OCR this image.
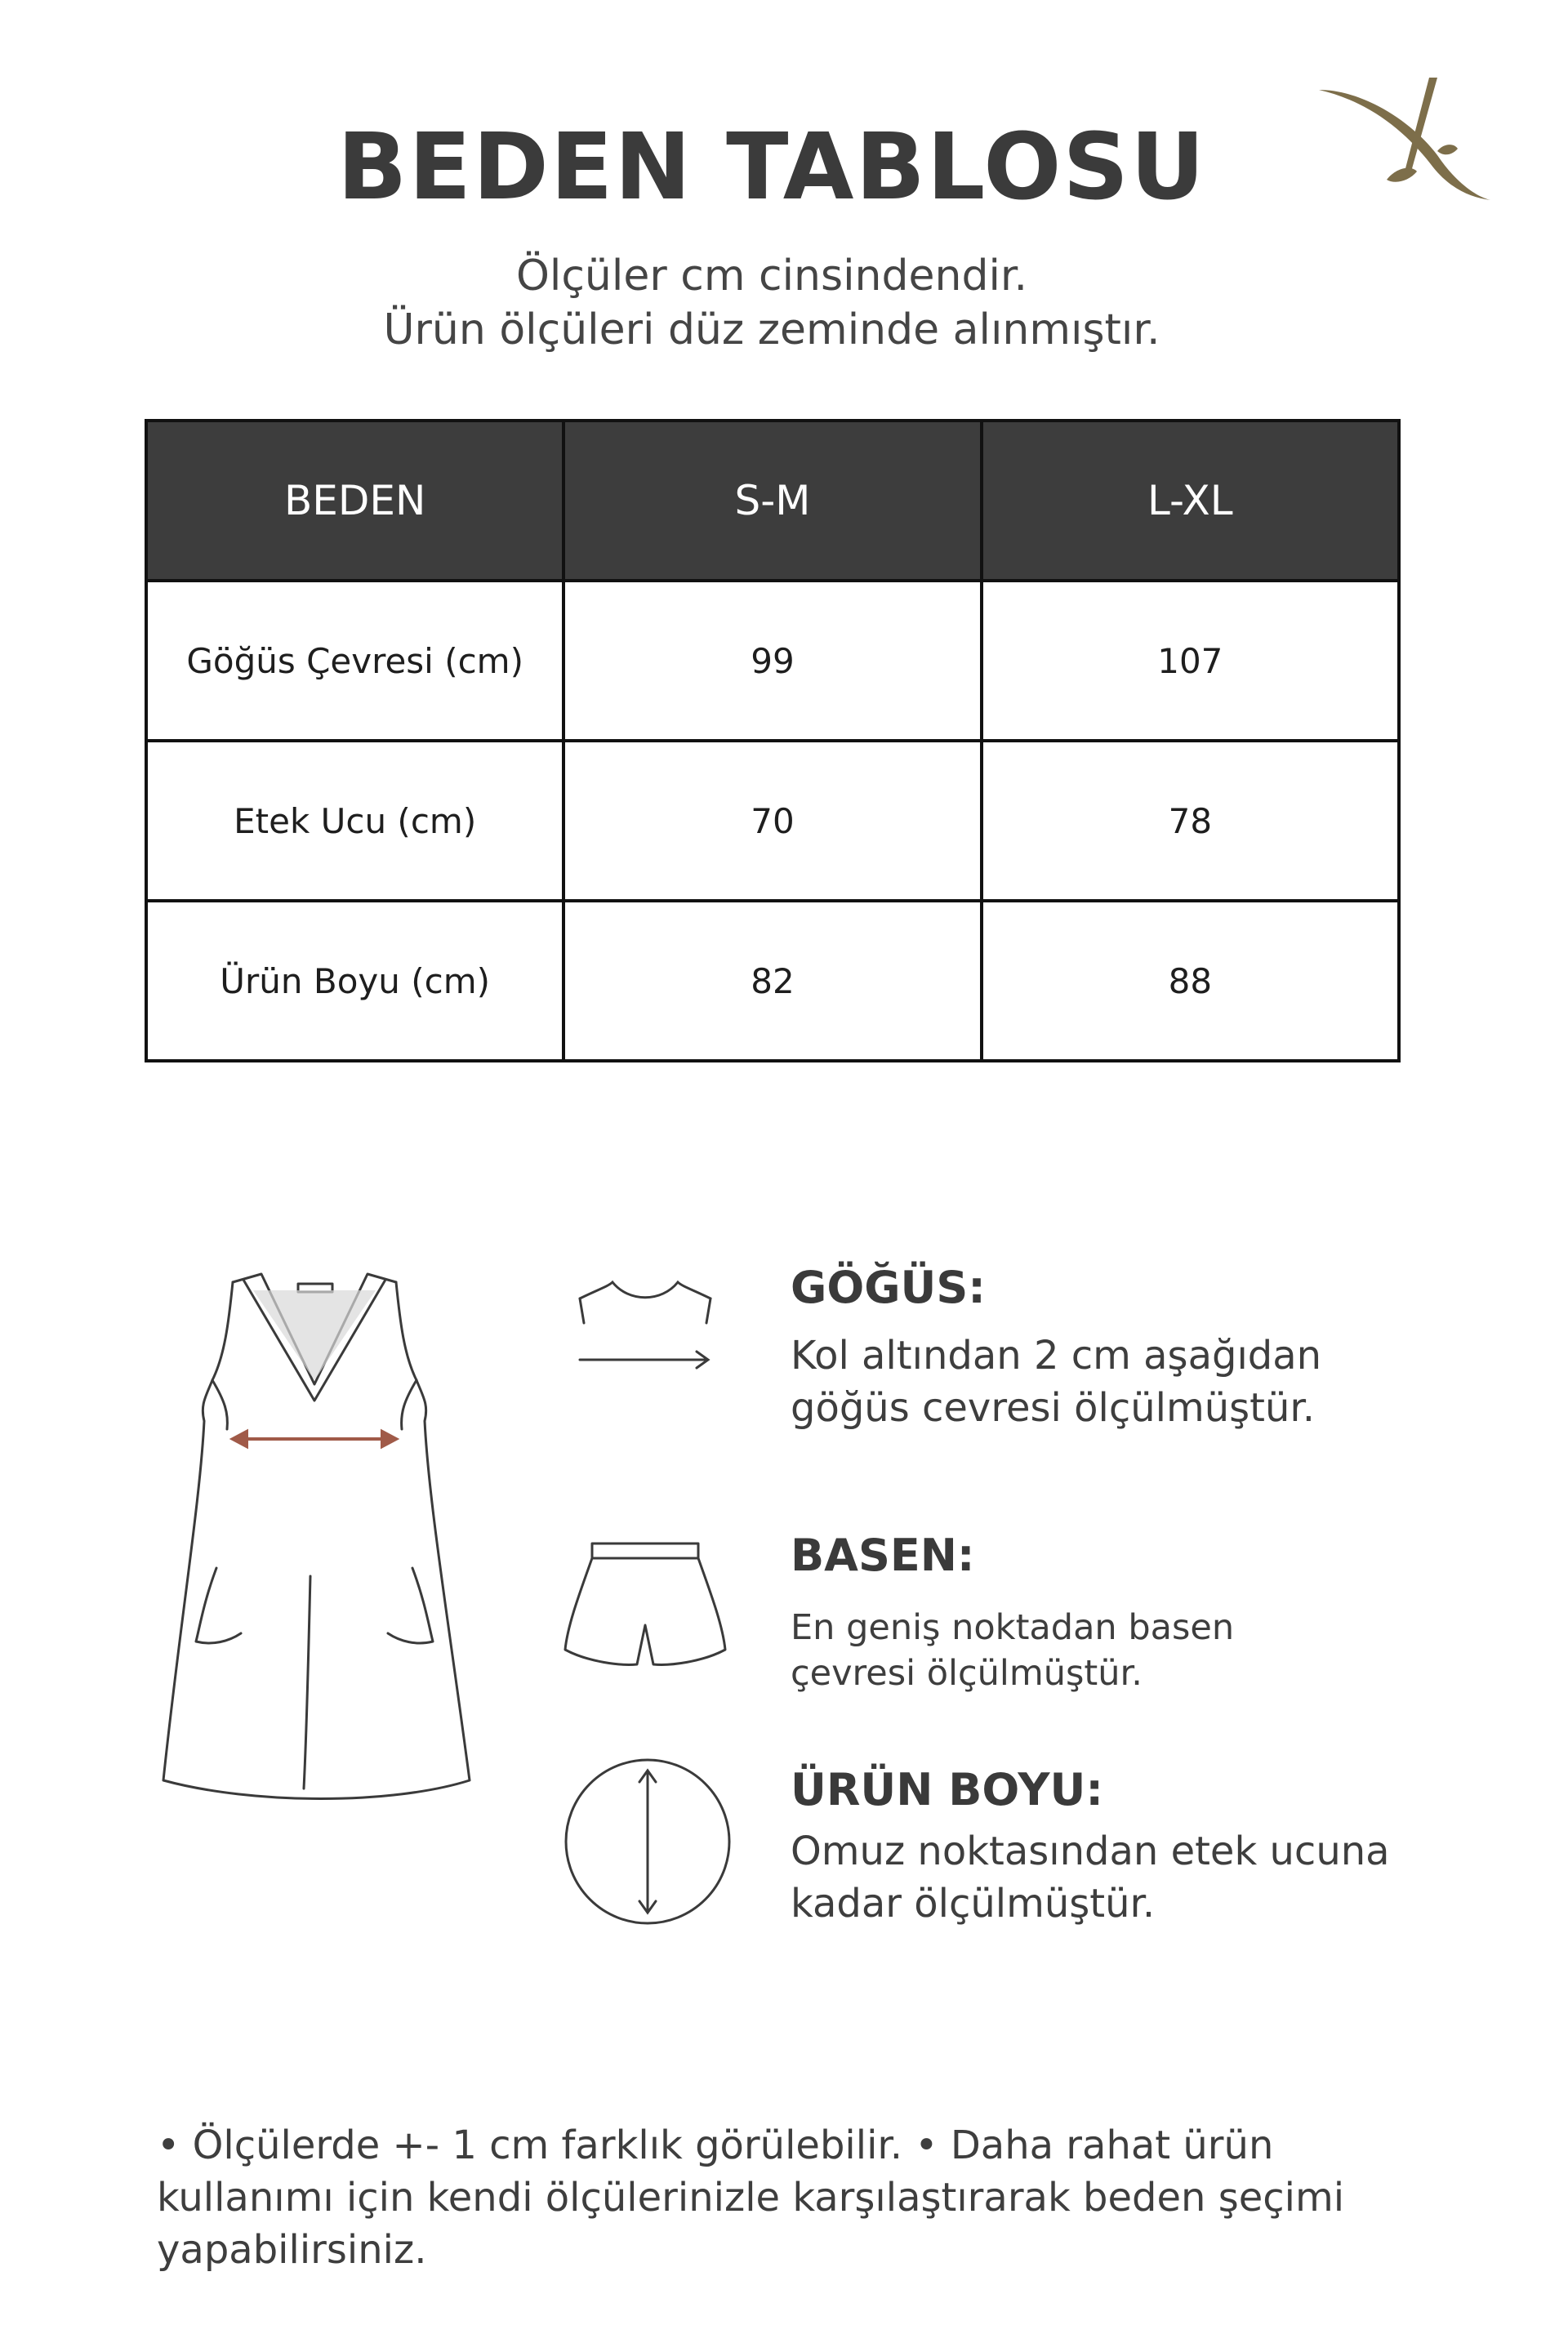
BEDEN TABLOSU
Ölçüler cm cinsindendir.
Ürün ölçüleri düz zeminde alınmıştır.
BEDEN	S-M	L-XL
Göğüs Çevresi (cm)	99	107
Etek Ucu (cm)	70	78
Ürün Boyu (cm)	82	88
GÖĞÜS:
Kol altından 2 cm aşağıdan
göğüs cevresi ölçülmüştür.
BASEN:
En geniş noktadan basen
çevresi ölçülmüştür.
ÜRÜN BOYU:
Omuz noktasından etek ucuna
kadar ölçülmüştür.
• Ölçülerde +- 1 cm farklık görülebilir. • Daha rahat ürün
kullanımı için kendi ölçülerinizle karşılaştırarak beden şeçimi
yapabilirsiniz.
